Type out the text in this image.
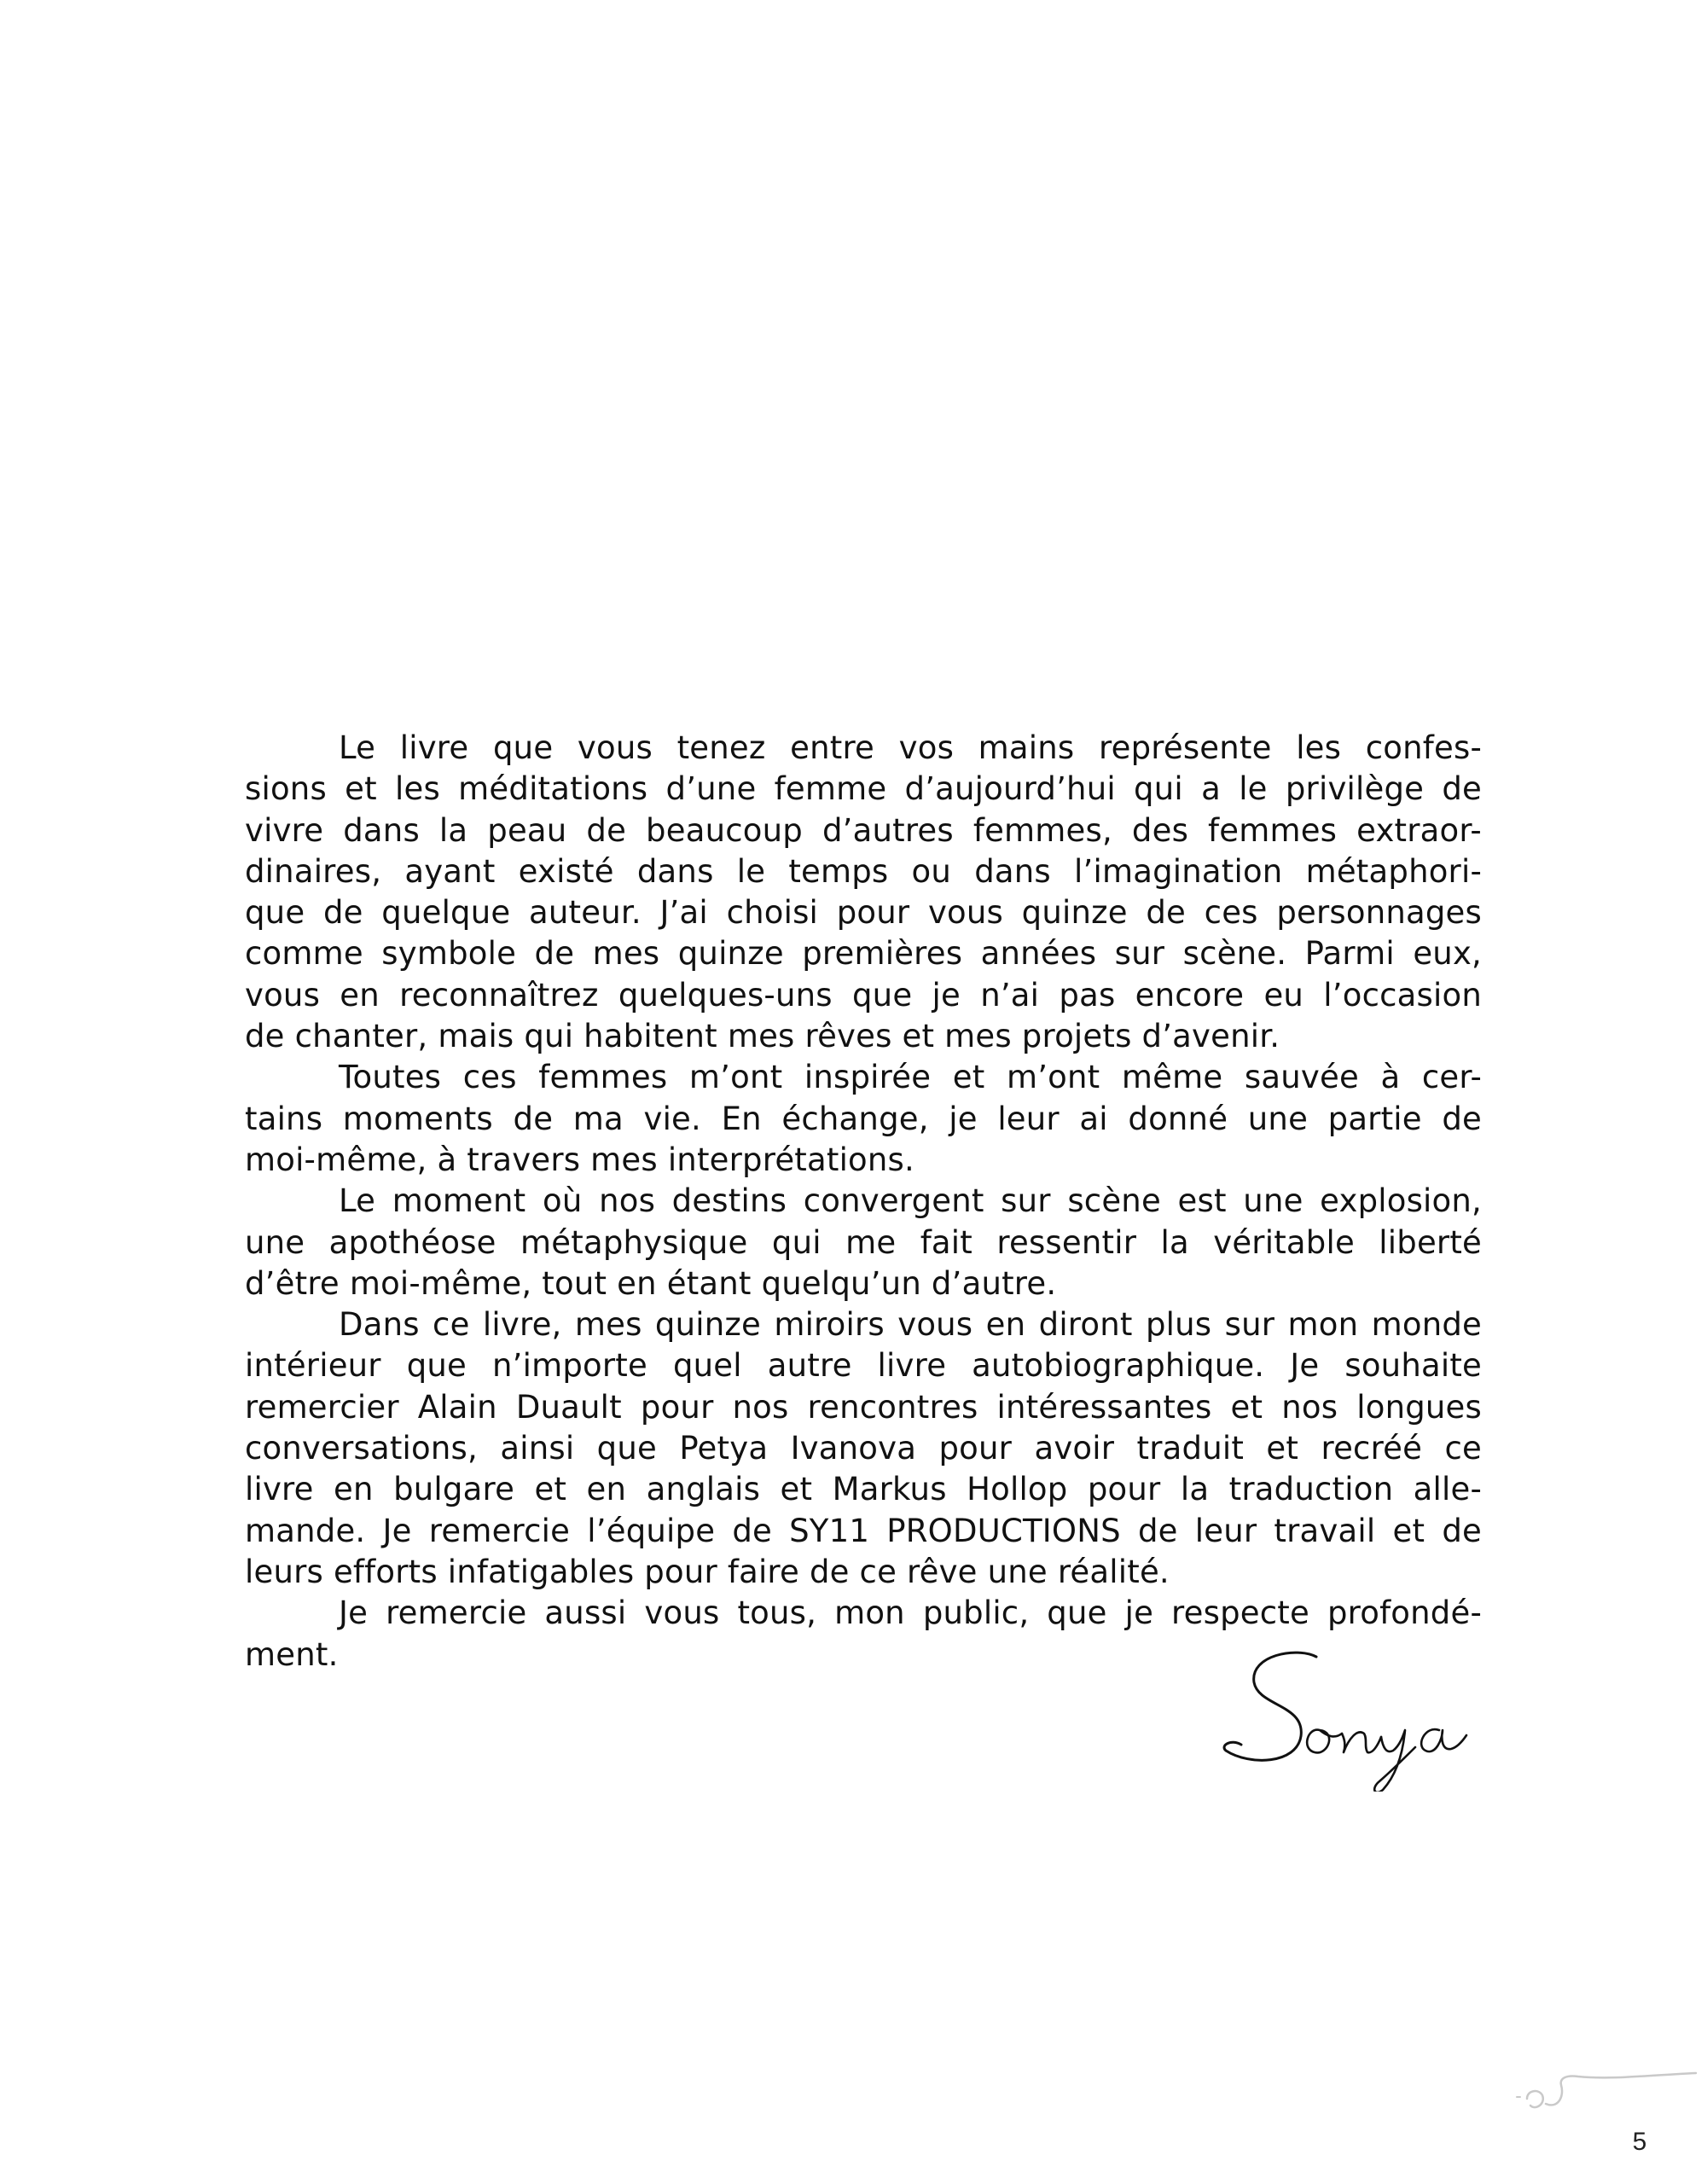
Le livre que vous tenez entre vos mains représente les confes-
sions et les méditations d’une femme d’aujourd’hui qui a le privilège de
vivre dans la peau de beaucoup d’autres femmes, des femmes extraor-
dinaires, ayant existé dans le temps ou dans l’imagination métaphori-
que de quelque auteur. J’ai choisi pour vous quinze de ces personnages
comme symbole de mes quinze premières années sur scène. Parmi eux,
vous en reconnaîtrez quelques-uns que je n’ai pas encore eu l’occasion
de chanter, mais qui habitent mes rêves et mes projets d’avenir.
Toutes ces femmes m’ont inspirée et m’ont même sauvée à cer-
tains moments de ma vie. En échange, je leur ai donné une partie de
moi-même, à travers mes interprétations.
Le moment où nos destins convergent sur scène est une explosion,
une apothéose métaphysique qui me fait ressentir la véritable liberté
d’être moi-même, tout en étant quelqu’un d’autre.
Dans ce livre, mes quinze miroirs vous en diront plus sur mon monde
intérieur que n’importe quel autre livre autobiographique. Je souhaite
remercier Alain Duault pour nos rencontres intéressantes et nos longues
conversations, ainsi que Petya Ivanova pour avoir traduit et recréé ce
livre en bulgare et en anglais et Markus Hollop pour la traduction alle-
mande. Je remercie l’équipe de SY11 PRODUCTIONS de leur travail et de
leurs efforts infatigables pour faire de ce rêve une réalité.
Je remercie aussi vous tous, mon public, que je respecte profondé-
ment.
5
